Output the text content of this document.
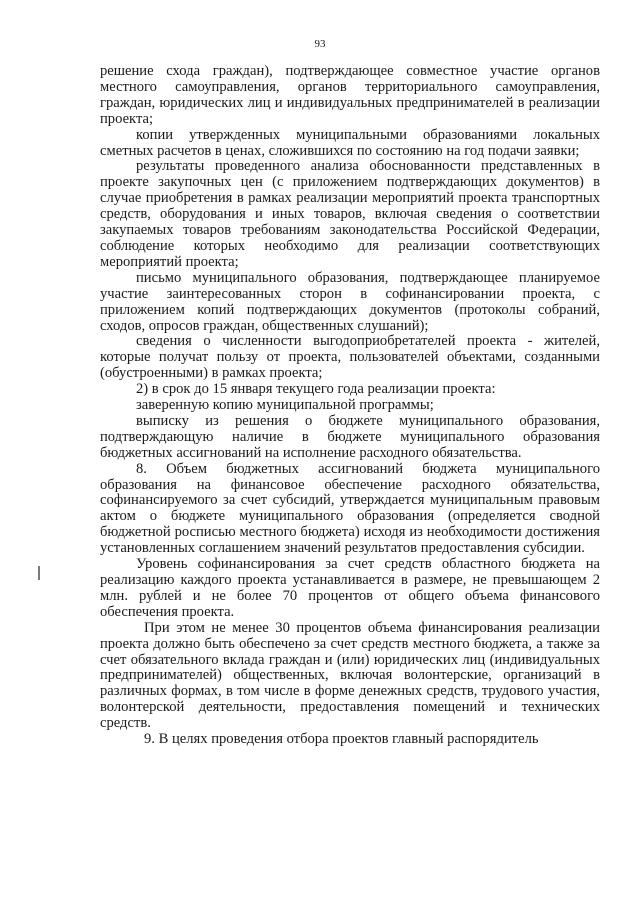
93

решение схода граждан), подтверждающее совместное участие органов местного самоуправления, органов территориального самоуправления, граждан, юридических лиц и индивидуальных предпринимателей в реализации проекта;

копии утвержденных муниципальными образованиями локальных сметных расчетов в ценах, сложившихся по состоянию на год подачи заявки;

результаты проведенного анализа обоснованности представленных в проекте закупочных цен (с приложением подтверждающих документов) в случае приобретения в рамках реализации мероприятий проекта транспортных средств, оборудования и иных товаров, включая сведения о соответствии закупаемых товаров требованиям законодательства Российской Федерации, соблюдение которых необходимо для реализации соответствующих мероприятий проекта;

письмо муниципального образования, подтверждающее планируемое участие заинтересованных сторон в софинансировании проекта, с приложением копий подтверждающих документов (протоколы собраний, сходов, опросов граждан, общественных слушаний);

сведения о численности выгодоприобретателей проекта - жителей, которые получат пользу от проекта, пользователей объектами, созданными (обустроенными) в рамках проекта;

2) в срок до 15 января текущего года реализации проекта:

заверенную копию муниципальной программы;

выписку из решения о бюджете муниципального образования, подтверждающую наличие в бюджете муниципального образования бюджетных ассигнований на исполнение расходного обязательства.

8. Объем бюджетных ассигнований бюджета муниципального образования на финансовое обеспечение расходного обязательства, софинансируемого за счет субсидий, утверждается муниципальным правовым актом о бюджете муниципального образования (определяется сводной бюджетной росписью местного бюджета) исходя из необходимости достижения установленных соглашением значений результатов предоставления субсидии.

Уровень софинансирования за счет средств областного бюджета на реализацию каждого проекта устанавливается в размере, не превышающем 2 млн. рублей и не более 70 процентов от общего объема финансового обеспечения проекта.

При этом не менее 30 процентов объема финансирования реализации проекта должно быть обеспечено за счет средств местного бюджета, а также за счет обязательного вклада граждан и (или) юридических лиц (индивидуальных предпринимателей) общественных, включая волонтерские, организаций в различных формах, в том числе в форме денежных средств, трудового участия, волонтерской деятельности, предоставления помещений и технических средств.

9. В целях проведения отбора проектов главный распорядитель
